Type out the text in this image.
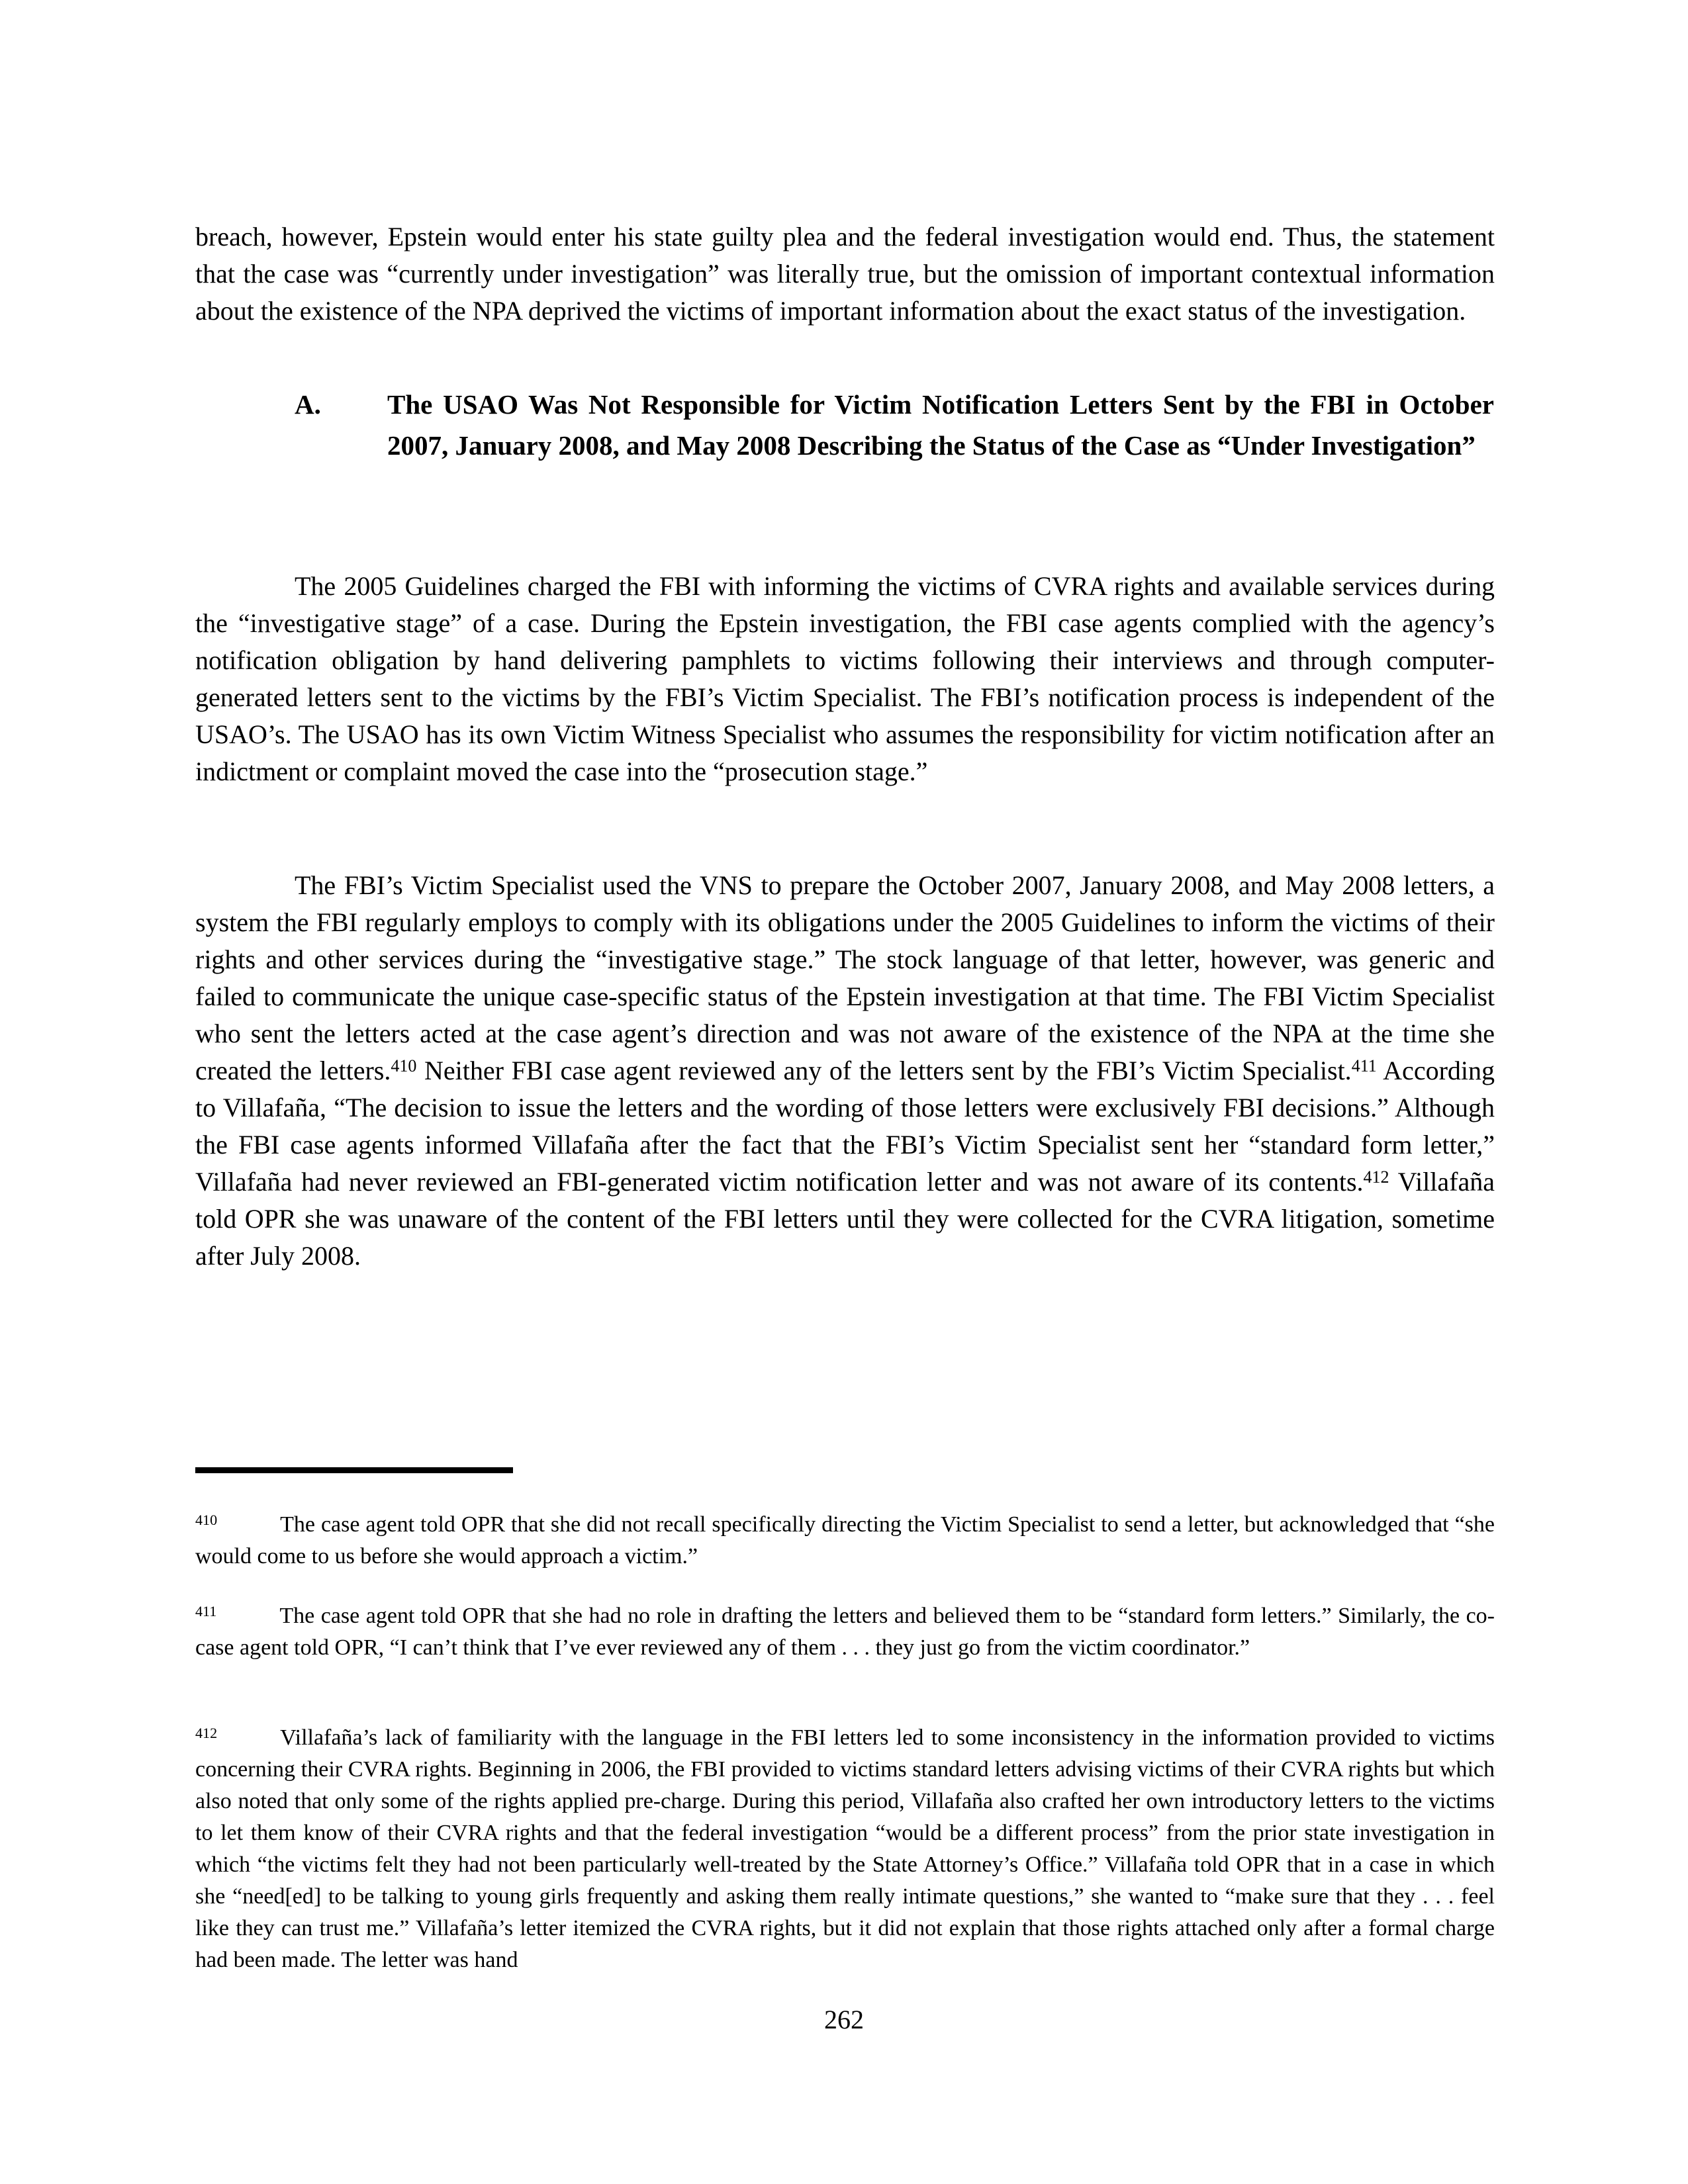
breach, however, Epstein would enter his state guilty plea and the federal investigation would end. Thus, the statement that the case was “currently under investigation” was literally true, but the omission of important contextual information about the existence of the NPA deprived the victims of important information about the exact status of the investigation.

A. The USAO Was Not Responsible for Victim Notification Letters Sent by the FBI in October 2007, January 2008, and May 2008 Describing the Status of the Case as “Under Investigation”

The 2005 Guidelines charged the FBI with informing the victims of CVRA rights and available services during the “investigative stage” of a case. During the Epstein investigation, the FBI case agents complied with the agency’s notification obligation by hand delivering pamphlets to victims following their interviews and through computer-generated letters sent to the victims by the FBI’s Victim Specialist. The FBI’s notification process is independent of the USAO’s. The USAO has its own Victim Witness Specialist who assumes the responsibility for victim notification after an indictment or complaint moved the case into the “prosecution stage.”

The FBI’s Victim Specialist used the VNS to prepare the October 2007, January 2008, and May 2008 letters, a system the FBI regularly employs to comply with its obligations under the 2005 Guidelines to inform the victims of their rights and other services during the “investigative stage.” The stock language of that letter, however, was generic and failed to communicate the unique case-specific status of the Epstein investigation at that time. The FBI Victim Specialist who sent the letters acted at the case agent’s direction and was not aware of the existence of the NPA at the time she created the letters.$^{410}$ Neither FBI case agent reviewed any of the letters sent by the FBI’s Victim Specialist.$^{411}$ According to Villafaña, “The decision to issue the letters and the wording of those letters were exclusively FBI decisions.” Although the FBI case agents informed Villafaña after the fact that the FBI’s Victim Specialist sent her “standard form letter,” Villafaña had never reviewed an FBI-generated victim notification letter and was not aware of its contents.$^{412}$ Villafaña told OPR she was unaware of the content of the FBI letters until they were collected for the CVRA litigation, sometime after July 2008.

$^{410}$	The case agent told OPR that she did not recall specifically directing the Victim Specialist to send a letter, but acknowledged that “she would come to us before she would approach a victim.”

$^{411}$	The case agent told OPR that she had no role in drafting the letters and believed them to be “standard form letters.” Similarly, the co-case agent told OPR, “I can’t think that I’ve ever reviewed any of them . . . they just go from the victim coordinator.”

$^{412}$	Villafaña’s lack of familiarity with the language in the FBI letters led to some inconsistency in the information provided to victims concerning their CVRA rights. Beginning in 2006, the FBI provided to victims standard letters advising victims of their CVRA rights but which also noted that only some of the rights applied pre-charge. During this period, Villafaña also crafted her own introductory letters to the victims to let them know of their CVRA rights and that the federal investigation “would be a different process” from the prior state investigation in which “the victims felt they had not been particularly well-treated by the State Attorney’s Office.” Villafaña told OPR that in a case in which she “need[ed] to be talking to young girls frequently and asking them really intimate questions,” she wanted to “make sure that they . . . feel like they can trust me.” Villafaña’s letter itemized the CVRA rights, but it did not explain that those rights attached only after a formal charge had been made. The letter was hand

262
